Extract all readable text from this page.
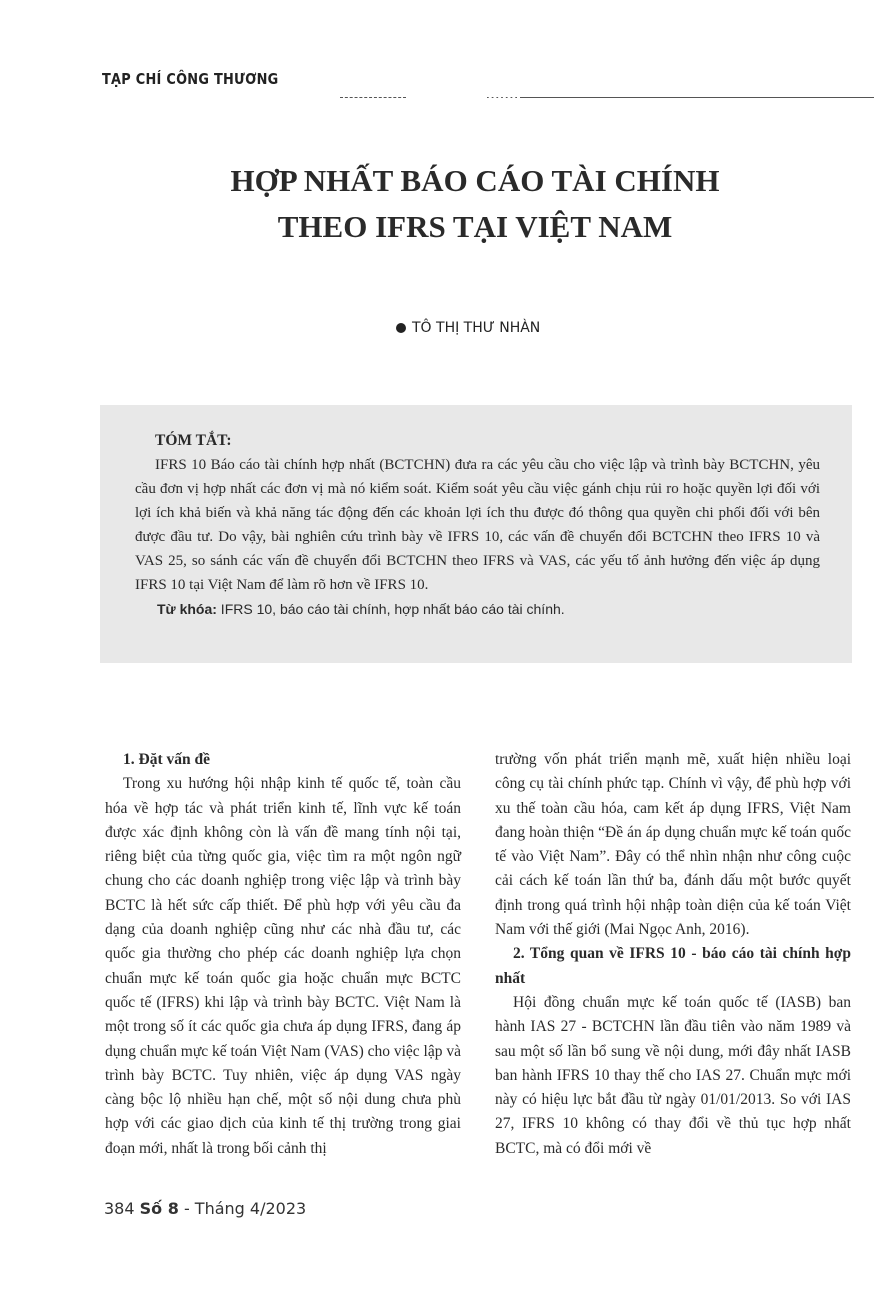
TẠP CHÍ CÔNG THƯƠNG
HỢP NHẤT BÁO CÁO TÀI CHÍNH
THEO IFRS TẠI VIỆT NAM
TÔ THỊ THƯ NHÀN
TÓM TẮT:
IFRS 10 Báo cáo tài chính hợp nhất (BCTCHN) đưa ra các yêu cầu cho việc lập và trình bày BCTCHN, yêu cầu đơn vị hợp nhất các đơn vị mà nó kiểm soát. Kiểm soát yêu cầu việc gánh chịu rủi ro hoặc quyền lợi đối với lợi ích khả biến và khả năng tác động đến các khoản lợi ích thu được đó thông qua quyền chi phối đối với bên được đầu tư. Do vậy, bài nghiên cứu trình bày về IFRS 10, các vấn đề chuyển đổi BCTCHN theo IFRS 10 và VAS 25, so sánh các vấn đề chuyển đổi BCTCHN theo IFRS và VAS, các yếu tố ảnh hưởng đến việc áp dụng IFRS 10 tại Việt Nam để làm rõ hơn về IFRS 10.
Từ khóa: IFRS 10, báo cáo tài chính, hợp nhất báo cáo tài chính.
1. Đặt vấn đề

Trong xu hướng hội nhập kinh tế quốc tế, toàn cầu hóa về hợp tác và phát triển kinh tế, lĩnh vực kế toán được xác định không còn là vấn đề mang tính nội tại, riêng biệt của từng quốc gia, việc tìm ra một ngôn ngữ chung cho các doanh nghiệp trong việc lập và trình bày BCTC là hết sức cấp thiết. Để phù hợp với yêu cầu đa dạng của doanh nghiệp cũng như các nhà đầu tư, các quốc gia thường cho phép các doanh nghiệp lựa chọn chuẩn mực kế toán quốc gia hoặc chuẩn mực BCTC quốc tế (IFRS) khi lập và trình bày BCTC. Việt Nam là một trong số ít các quốc gia chưa áp dụng IFRS, đang áp dụng chuẩn mực kế toán Việt Nam (VAS) cho việc lập và trình bày BCTC. Tuy nhiên, việc áp dụng VAS ngày càng bộc lộ nhiều hạn chế, một số nội dung chưa phù hợp với các giao dịch của kinh tế thị trường trong giai đoạn mới, nhất là trong bối cảnh thị

trường vốn phát triển mạnh mẽ, xuất hiện nhiều loại công cụ tài chính phức tạp. Chính vì vậy, để phù hợp với xu thế toàn cầu hóa, cam kết áp dụng IFRS, Việt Nam đang hoàn thiện “Đề án áp dụng chuẩn mực kế toán quốc tế vào Việt Nam”. Đây có thể nhìn nhận như công cuộc cải cách kế toán lần thứ ba, đánh dấu một bước quyết định trong quá trình hội nhập toàn diện của kế toán Việt Nam với thế giới (Mai Ngọc Anh, 2016).

2. Tổng quan về IFRS 10 - báo cáo tài chính hợp nhất

Hội đồng chuẩn mực kế toán quốc tế (IASB) ban hành IAS 27 - BCTCHN lần đầu tiên vào năm 1989 và sau một số lần bổ sung về nội dung, mới đây nhất IASB ban hành IFRS 10 thay thế cho IAS 27. Chuẩn mực mới này có hiệu lực bắt đầu từ ngày 01/01/2013. So với IAS 27, IFRS 10 không có thay đổi về thủ tục hợp nhất BCTC, mà có đổi mới về

384 Số 8 - Tháng 4/2023
